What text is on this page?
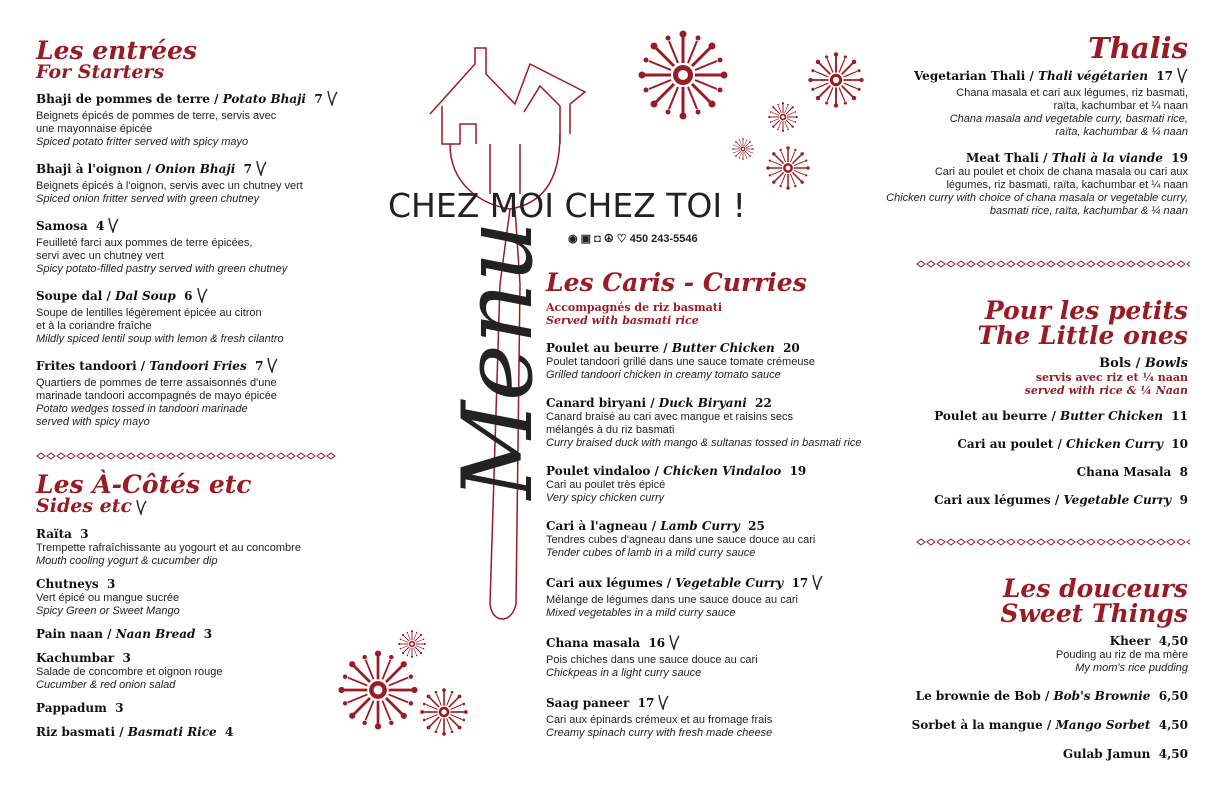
CHEZ MOI CHEZ TOI !
◉ ▣ ◘ ☮ ♡ 450 243-5546
Menu
Les entrées
For Starters
Bhaji de pommes de terre / Potato Bhaji 7
Beignets épicés de pommes de terre, servis avec
une mayonnaise épicée
Spiced potato fritter served with spicy mayo
Bhaji à l'oignon / Onion Bhaji 7
Beignets épicés à l'oignon, servis avec un chutney vert
Spiced onion fritter served with green chutney
Samosa 4
Feuilleté farci aux pommes de terre épicées,
servi avec un chutney vert
Spicy potato-filled pastry served with green chutney
Soupe dal / Dal Soup 6
Soupe de lentilles légèrement épicée au citron
et à la coriandre fraîche
Mildly spiced lentil soup with lemon & fresh cilantro
Frites tandoori / Tandoori Fries 7
Quartiers de pommes de terre assaisonnés d'une
marinade tandoori accompagnés de mayo épicée
Potato wedges tossed in tandoori marinade
served with spicy mayo
Les À-Côtés etc
Sides etc
Raïta 3
Trempette rafraîchissante au yogourt et au concombre
Mouth cooling yogurt & cucumber dip
Chutneys 3
Vert épicé ou mangue sucrée
Spicy Green or Sweet Mango
Pain naan / Naan Bread 3
Kachumbar 3
Salade de concombre et oignon rouge
Cucumber & red onion salad
Pappadum 3
Riz basmati / Basmati Rice 4
Les Caris - Curries
Accompagnés de riz basmati
Served with basmati rice
Poulet au beurre / Butter Chicken 20
Poulet tandoori grillé dans une sauce tomate crémeuse
Grilled tandoori chicken in creamy tomato sauce
Canard biryani / Duck Biryani 22
Canard braisé au cari avec mangue et raisins secs
mélangés à du riz basmati
Curry braised duck with mango & sultanas tossed in basmati rice
Poulet vindaloo / Chicken Vindaloo 19
Cari au poulet très épicé
Very spicy chicken curry
Cari à l'agneau / Lamb Curry 25
Tendres cubes d'agneau dans une sauce douce au cari
Tender cubes of lamb in a mild curry sauce
Cari aux légumes / Vegetable Curry 17
Mélange de légumes dans une sauce douce au cari
Mixed vegetables in a mild curry sauce
Chana masala 16
Pois chiches dans une sauce douce au cari
Chickpeas in a light curry sauce
Saag paneer 17
Cari aux épinards crémeux et au fromage frais
Creamy spinach curry with fresh made cheese
Thalis
Vegetarian Thali / Thali végétarien 17
Chana masala et cari aux légumes, riz basmati,
raïta, kachumbar et ¼ naan
Chana masala and vegetable curry, basmati rice,
raïta, kachumbar & ¼ naan
Meat Thali / Thali à la viande 19
Cari au poulet et choix de chana masala ou cari aux
légumes, riz basmati, raïta, kachumbar et ¼ naan
Chicken curry with choice of chana masala or vegetable curry,
basmati rice, raïta, kachumbar & ¼ naan
Pour les petits
The Little ones
Bols / Bowls
servis avec riz et ¼ naan
served with rice & ¼ Naan
Poulet au beurre / Butter Chicken 11
Cari au poulet / Chicken Curry 10
Chana Masala 8
Cari aux légumes / Vegetable Curry 9
Les douceurs
Sweet Things
Kheer 4,50
Pouding au riz de ma mère
My mom's rice pudding
Le brownie de Bob / Bob's Brownie 6,50
Sorbet à la mangue / Mango Sorbet 4,50
Gulab Jamun 4,50
